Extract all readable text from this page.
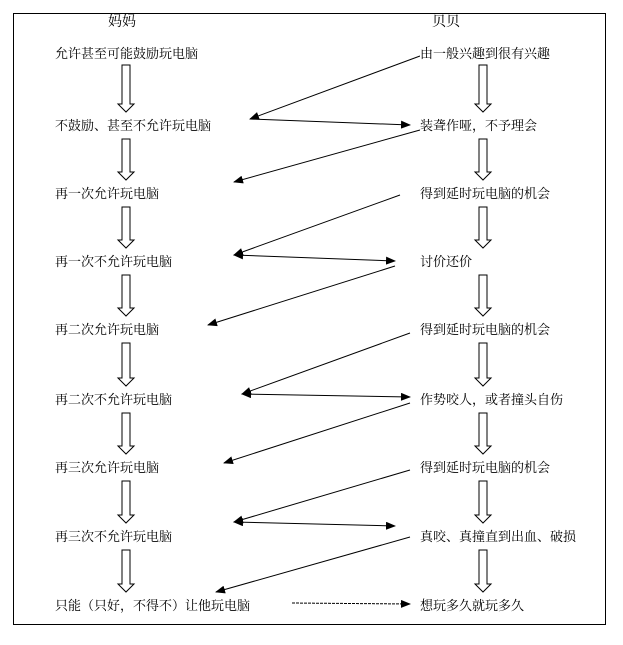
妈妈	贝贝
允许甚至可能鼓励玩电脑
不鼓励、甚至不允许玩电脑
再一次允许玩电脑
再一次不允许玩电脑
再二次允许玩电脑
再二次不允许玩电脑
再三次允许玩电脑
再三次不允许玩电脑
只能（只好，不得不）让他玩电脑
由一般兴趣到很有兴趣
装聋作哑，不予理会
得到延时玩电脑的机会
讨价还价
得到延时玩电脑的机会
作势咬人，或者撞头自伤
得到延时玩电脑的机会
真咬、真撞直到出血、破损
想玩多久就玩多久
